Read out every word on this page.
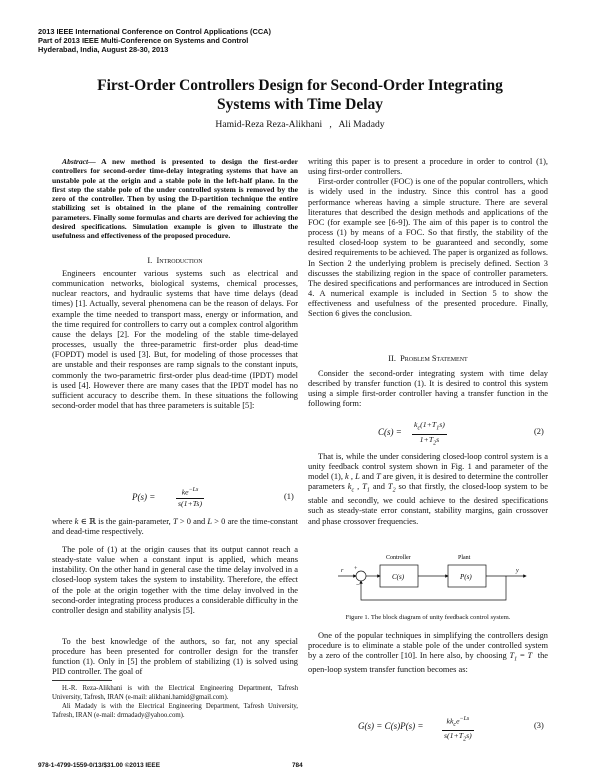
2013 IEEE International Conference on Control Applications (CCA)
Part of 2013 IEEE Multi-Conference on Systems and Control
Hyderabad, India, August 28-30, 2013
First-Order Controllers Design for Second-Order Integrating
Systems with Time Delay
Hamid-Reza Reza-Alikhani   ,   Ali Madady

Abstract— A new method is presented to design the first-order controllers for second-order time-delay integrating systems that have an unstable pole at the origin and a stable pole in the left-half plane. In the first step the stable pole of the under controlled system is removed by the zero of the controller. Then by using the D-partition technique the entire stabilizing set is obtained in the plane of the remaining controller parameters. Finally some formulas and charts are derived for achieving the desired specifications. Simulation example is given to illustrate the usefulness and effectiveness of the proposed procedure.

I. Introduction

Engineers encounter various systems such as electrical and communication networks, biological systems, chemical processes, nuclear reactors, and hydraulic systems that have time delays (dead times) [1]. Actually, several phenomena can be the reason of delays. For example the time needed to transport mass, energy or information, and the time required for controllers to carry out a complex control algorithm cause the delays [2]. For the modeling of the stable time-delayed processes, usually the three-parametric first-order plus dead-time (FOPDT) model is used [3]. But, for modeling of those processes that are unstable and their responses are ramp signals to the constant inputs, commonly the two-parametric first-order plus dead-time (IPDT) model is used [4]. However there are many cases that the IPDT model has no sufficient accuracy to describe them. In these situations the following second-order model that has three parameters is suitable [5]:

P(s) =	$\frac{ke^{-Ls}}{s(1+Ts)}$	(1)

where k ∈ ℝ is the gain-parameter, T > 0 and L > 0 are the time-constant and dead-time respectively.

The pole of (1) at the origin causes that its output cannot reach a steady-state value when a constant input is applied, which means instability. On the other hand in general case the time delay involved in a closed-loop system takes the system to instability. Therefore, the effect of the pole at the origin together with the time delay involved in the second-order integrating process produces a considerable difficulty in the controller design and stability analysis [5].

To the best knowledge of the authors, so far, not any special procedure has been presented for controller design for the transfer function (1). Only in [5] the problem of stabilizing (1) is solved using PID controller. The goal of

H.-R. Reza-Alikhani is with the Electrical Engineering Department, Tafresh University, Tafresh, IRAN (e-mail: alikhani.hamid@gmail.com).

Ali Madady is with the Electrical Engineering Department, Tafresh University, Tafresh, IRAN (e-mail: drmadady@yahoo.com).

writing this paper is to present a procedure in order to control (1), using first-order controllers.

First-order controller (FOC) is one of the popular controllers, which is widely used in the industry. Since this control has a good performance whereas having a simple structure. There are several literatures that described the design methods and applications of the FOC (for example see [6-9]). The aim of this paper is to control the process (1) by means of a FOC. So that firstly, the stability of the resulted closed-loop system to be guaranteed and secondly, some desired requirements to be achieved. The paper is organized as follows. In Section 2 the underlying problem is precisely defined. Section 3 discusses the stabilizing region in the space of controller parameters. The desired specifications and performances are introduced in Section 4. A numerical example is included in Section 5 to show the effectiveness and usefulness of the presented procedure. Finally, Section 6 gives the conclusion.

II. Problem Statement

Consider the second-order integrating system with time delay described by transfer function (1). It is desired to control this system using a simple first-order controller having a transfer function in the following form:

$C(s) = \frac{k_c(1+T_1s)}{1+T_2s}$	(2)

That is, while the under considering closed-loop control system is a unity feedback control system shown in Fig. 1 and parameter of the model (1), k , L and T are given, it is desired to determine the controller parameters $k_c$ , $T_1$ and $T_2$ so that firstly, the closed-loop system to be stable and secondly, we could achieve to the desired specifications such as steady-state error constant, stability margins, gain crossover and phase crossover frequencies.

Controller	Plant
r +
−
C(s)	P(s)
y
Figure 1. The block diagram of unity feedback control system.

One of the popular techniques in simplifying the controllers design procedure is to eliminate a stable pole of the under controlled system by a zero of the controller [10]. In here also, by choosing $T_1 = T$  the open-loop system transfer function becomes as:

$G(s) = C(s)P(s) = \frac{kk_ce^{-Ls}}{s(1+T_2s)}$	(3)
978-1-4799-1559-0/13/$31.00 ©2013 IEEE	784
